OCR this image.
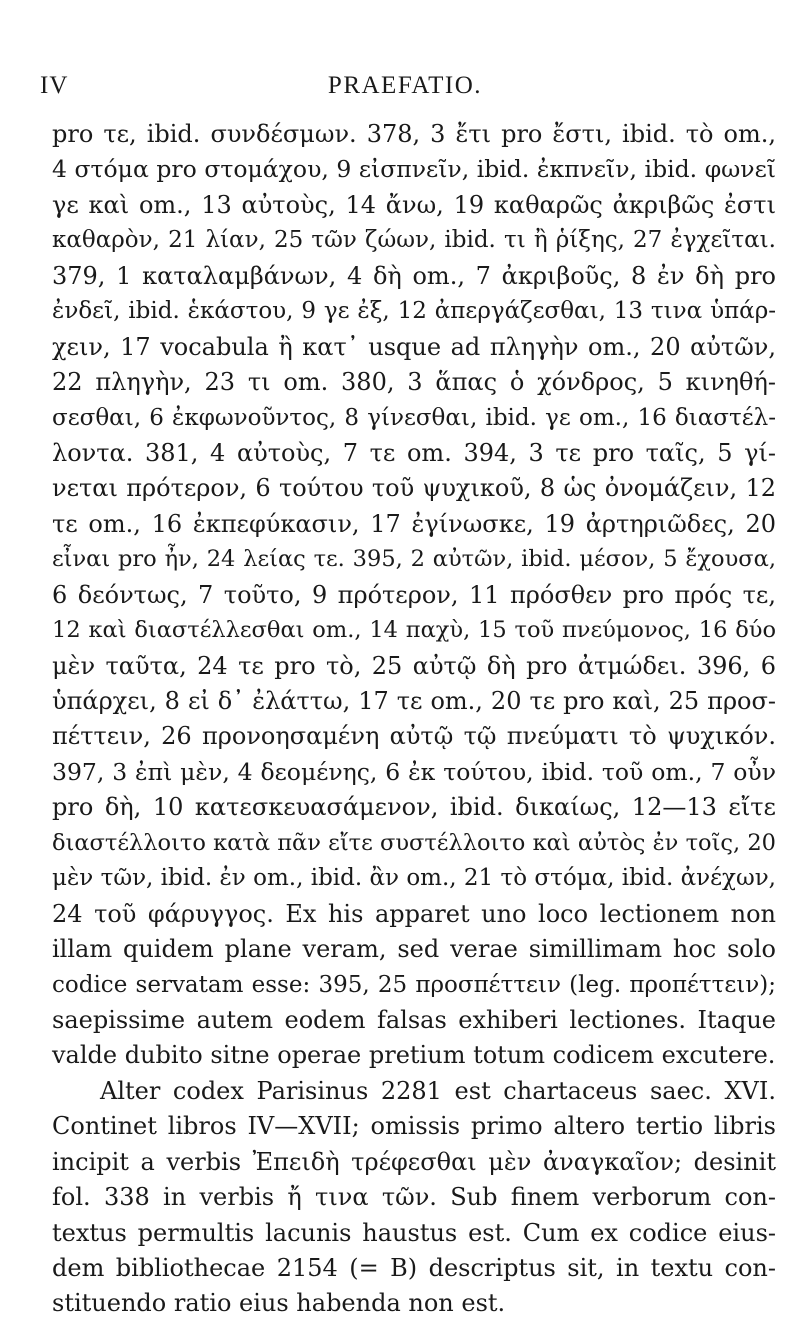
IV	PRAEFATIO.
pro τε, ibid. συνδέσμων. 378, 3 ἔτι pro ἔστι, ibid. τὸ om.,
4 στόμα pro στομάχου, 9 εἰσπνεῖν, ibid. ἐκπνεῖν, ibid. φωνεῖ
γε καὶ om., 13 αὐτοὺς, 14 ἄνω, 19 καθαρῶς ἀκριβῶς ἐστι
καθαρὸν, 21 λίαν, 25 τῶν ζώων, ibid. τι ἢ ῥίξης, 27 ἐγχεῖται.
379, 1 καταλαμβάνων, 4 δὴ om., 7 ἀκριβοῦς, 8 ἐν δὴ pro
ἐνδεῖ, ibid. ἑκάστου, 9 γε ἐξ, 12 ἀπεργάζεσθαι, 13 τινα ὑπάρ-
χειν, 17 vocabula ἢ κατ᾽ usque ad πληγὴν om., 20 αὐτῶν,
22 πληγὴν, 23 τι om. 380, 3 ἅπας ὁ χόνδρος, 5 κινηθή-
σεσθαι, 6 ἐκφωνοῦντος, 8 γίνεσθαι, ibid. γε om., 16 διαστέλ-
λοντα. 381, 4 αὐτοὺς, 7 τε om. 394, 3 τε pro ταῖς, 5 γί-
νεται πρότερον, 6 τούτου τοῦ ψυχικοῦ, 8 ὡς ὀνομάζειν, 12
τε om., 16 ἐκπεφύκασιν, 17 ἐγίνωσκε, 19 ἀρτηριῶδες, 20
εἶναι pro ἦν, 24 λείας τε. 395, 2 αὐτῶν, ibid. μέσον, 5 ἔχουσα,
6 δεόντως, 7 τοῦτο, 9 πρότερον, 11 πρόσθεν pro πρός τε,
12 καὶ διαστέλλεσθαι om., 14 παχὺ, 15 τοῦ πνεύμονος, 16 δύο
μὲν ταῦτα, 24 τε pro τὸ, 25 αὐτῷ δὴ pro ἀτμώδει. 396, 6
ὑπάρχει, 8 εἰ δ᾽ ἐλάττω, 17 τε om., 20 τε pro καὶ, 25 προσ-
πέττειν, 26 προνοησαμένη αὐτῷ τῷ πνεύματι τὸ ψυχικόν.
397, 3 ἐπὶ μὲν, 4 δεομένης, 6 ἐκ τούτου, ibid. τοῦ om., 7 οὖν
pro δὴ, 10 κατεσκευασάμενον, ibid. δικαίως, 12—13 εἴτε
διαστέλλοιτο κατὰ πᾶν εἴτε συστέλλοιτο καὶ αὐτὸς ἐν τοῖς, 20
μὲν τῶν, ibid. ἐν om., ibid. ἂν om., 21 τὸ στόμα, ibid. ἀνέχων,
24 τοῦ φάρυγγος. Ex his apparet uno loco lectionem non
illam quidem plane veram, sed verae simillimam hoc solo
codice servatam esse: 395, 25 προσπέττειν (leg. προπέττειν);
saepissime autem eodem falsas exhiberi lectiones. Itaque
valde dubito sitne operae pretium totum codicem excutere.
Alter codex Parisinus 2281 est chartaceus saec. XVI.
Continet libros IV—XVII; omissis primo altero tertio libris
incipit a verbis Ἐπειδὴ τρέφεσθαι μὲν ἀναγκαῖον; desinit
fol. 338 in verbis ἤ τινα τῶν. Sub finem verborum con-
textus permultis lacunis haustus est. Cum ex codice eius-
dem bibliothecae 2154 (= B) descriptus sit, in textu con-
stituendo ratio eius habenda non est.
